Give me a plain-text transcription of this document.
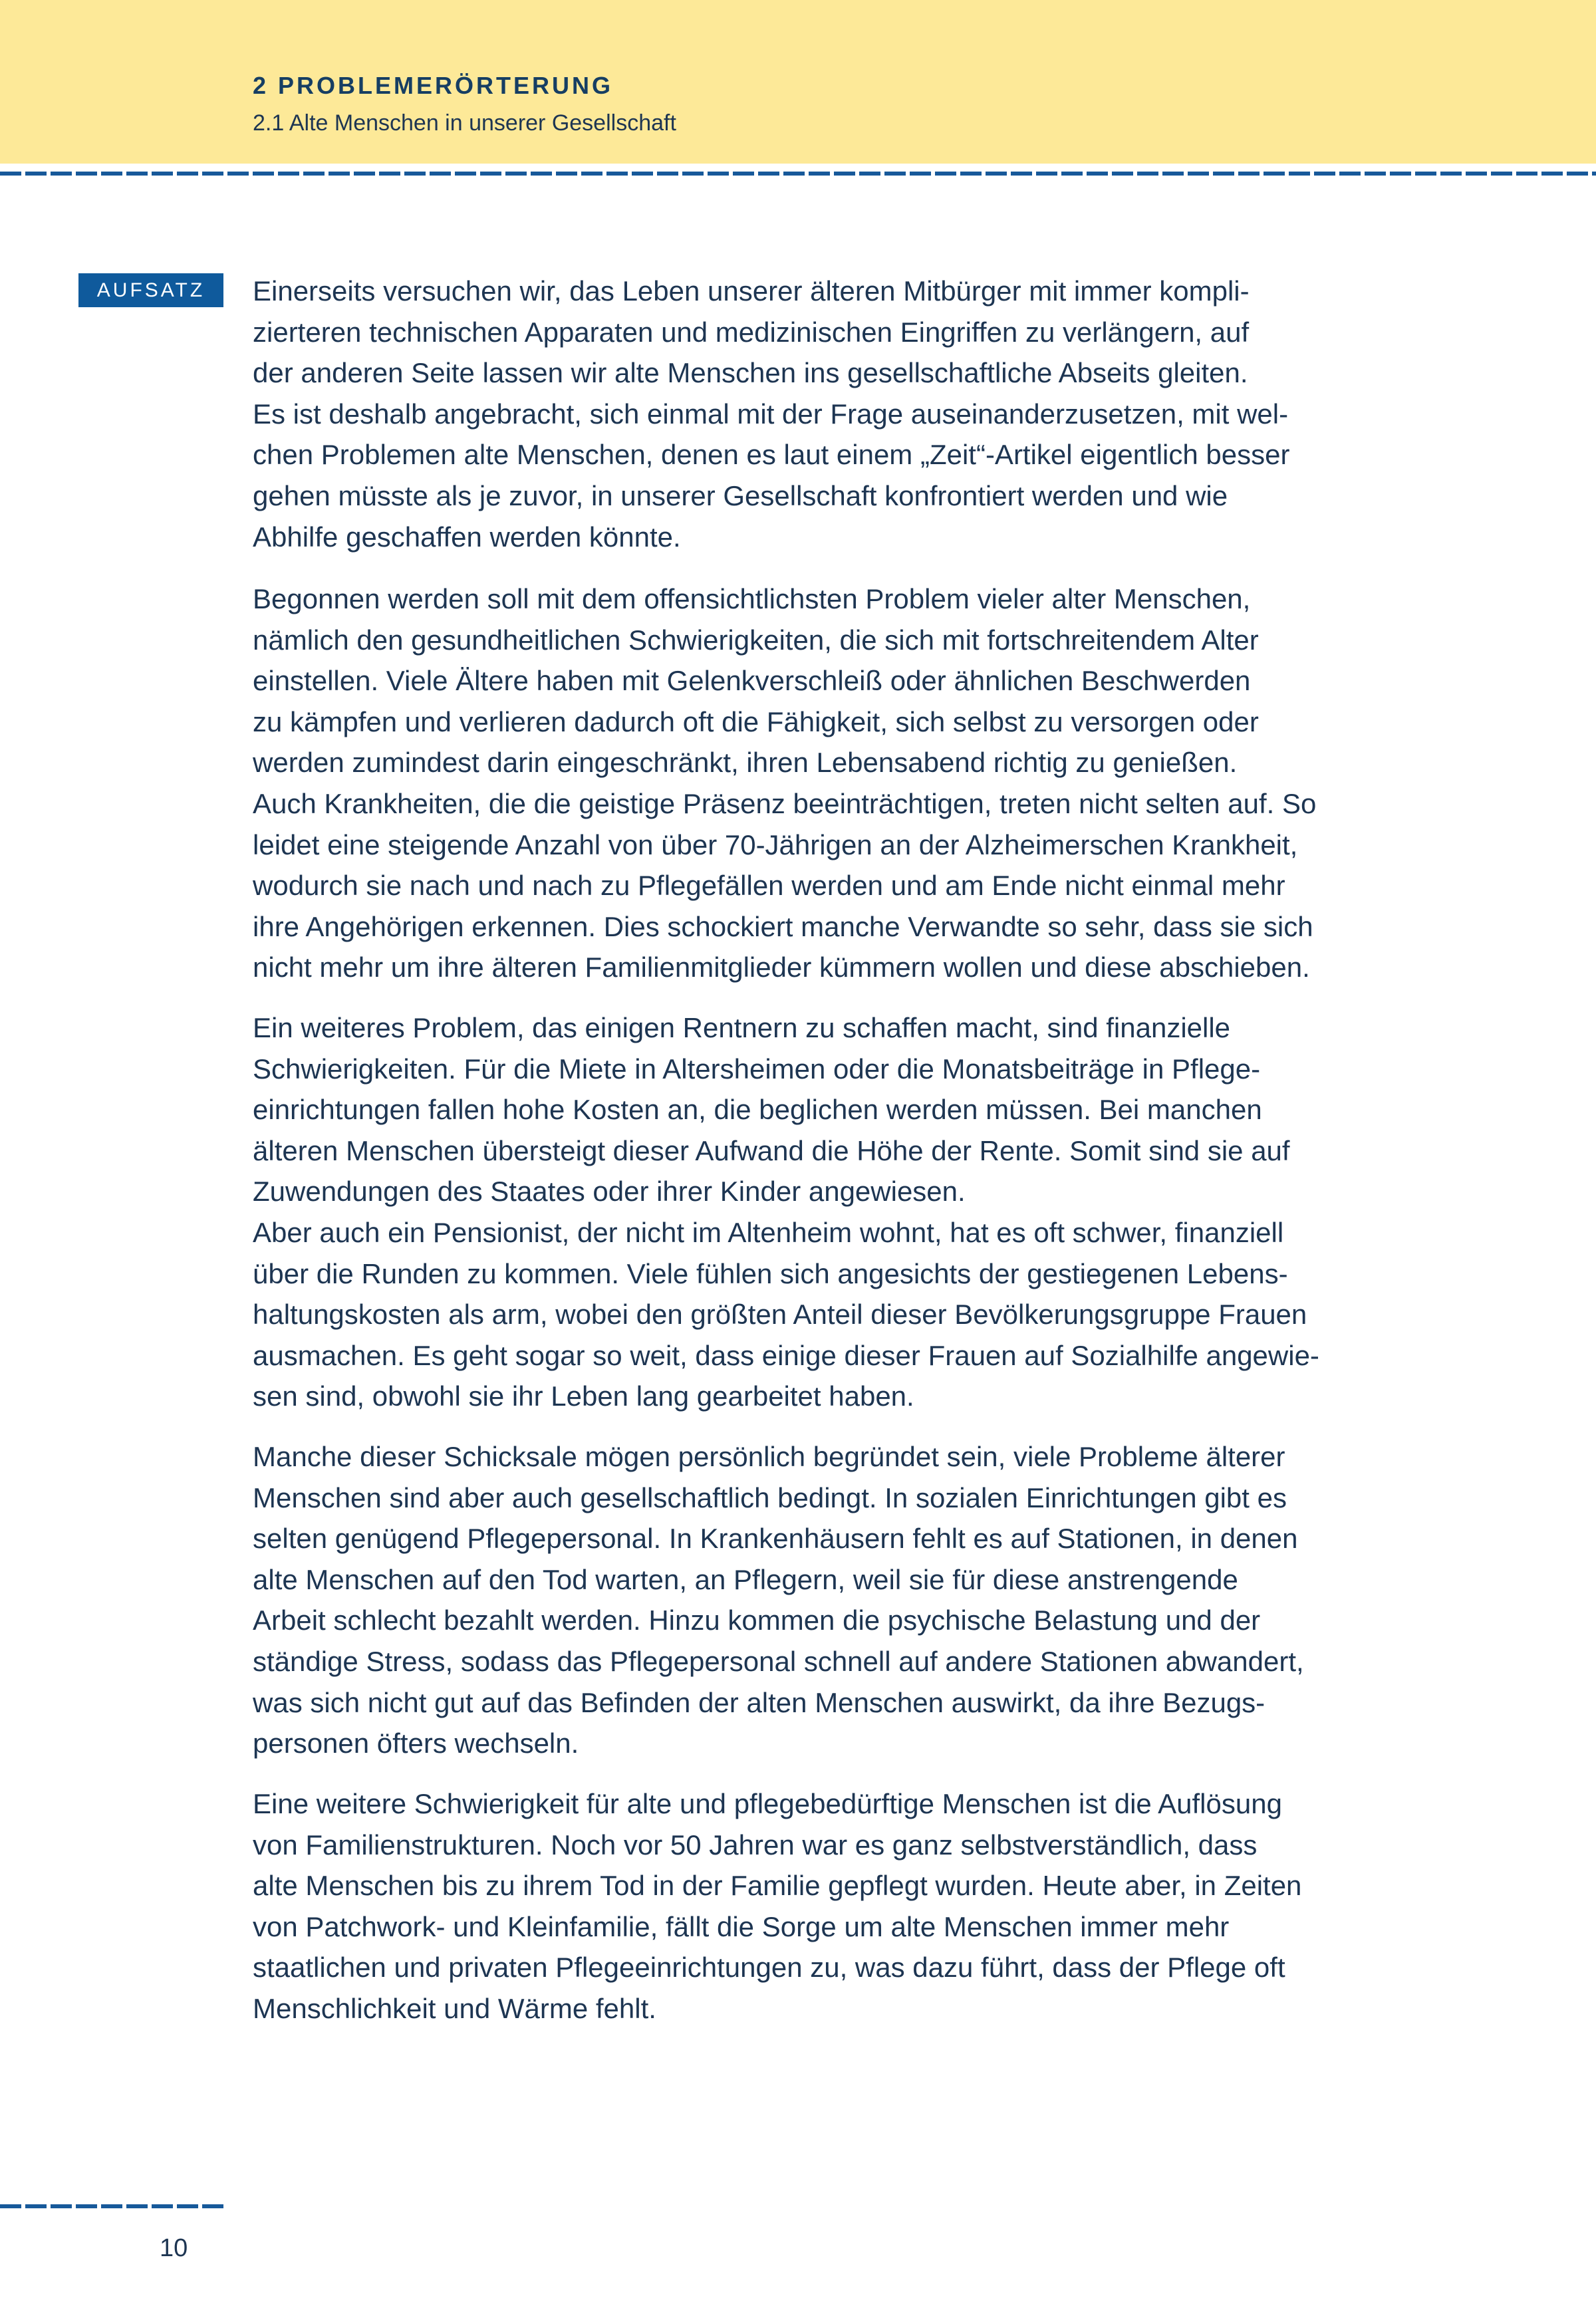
2 PROBLEMERÖRTERUNG
2.1 Alte Menschen in unserer Gesellschaft
AUFSATZ	Einerseits versuchen wir, das Leben unserer älteren Mitbürger mit immer kompli-
zierteren technischen Apparaten und medizinischen Eingriffen zu verlängern, auf
der anderen Seite lassen wir alte Menschen ins gesellschaftliche Abseits gleiten.
Es ist deshalb angebracht, sich einmal mit der Frage auseinanderzusetzen, mit wel-
chen Problemen alte Menschen, denen es laut einem „Zeit“-Artikel eigentlich besser
gehen müsste als je zuvor, in unserer Gesellschaft konfrontiert werden und wie
Abhilfe geschaffen werden könnte.
Begonnen werden soll mit dem offensichtlichsten Problem vieler alter Menschen,
nämlich den gesundheitlichen Schwierigkeiten, die sich mit fortschreitendem Alter
einstellen. Viele Ältere haben mit Gelenkverschleiß oder ähnlichen Beschwerden
zu kämpfen und verlieren dadurch oft die Fähigkeit, sich selbst zu versorgen oder
werden zumindest darin eingeschränkt, ihren Lebensabend richtig zu genießen.
Auch Krankheiten, die die geistige Präsenz beeinträchtigen, treten nicht selten auf. So
leidet eine steigende Anzahl von über 70-Jährigen an der Alzheimerschen Krankheit,
wodurch sie nach und nach zu Pflegefällen werden und am Ende nicht einmal mehr
ihre Angehörigen erkennen. Dies schockiert manche Verwandte so sehr, dass sie sich
nicht mehr um ihre älteren Familienmitglieder kümmern wollen und diese abschieben.
Ein weiteres Problem, das einigen Rentnern zu schaffen macht, sind finanzielle
Schwierigkeiten. Für die Miete in Altersheimen oder die Monatsbeiträge in Pflege-
einrichtungen fallen hohe Kosten an, die beglichen werden müssen. Bei manchen
älteren Menschen übersteigt dieser Aufwand die Höhe der Rente. Somit sind sie auf
Zuwendungen des Staates oder ihrer Kinder angewiesen.
Aber auch ein Pensionist, der nicht im Altenheim wohnt, hat es oft schwer, finanziell
über die Runden zu kommen. Viele fühlen sich angesichts der gestiegenen Lebens-
haltungskosten als arm, wobei den größten Anteil dieser Bevölkerungsgruppe Frauen
ausmachen. Es geht sogar so weit, dass einige dieser Frauen auf Sozialhilfe angewie-
sen sind, obwohl sie ihr Leben lang gearbeitet haben.
Manche dieser Schicksale mögen persönlich begründet sein, viele Probleme älterer
Menschen sind aber auch gesellschaftlich bedingt. In sozialen Einrichtungen gibt es
selten genügend Pflegepersonal. In Krankenhäusern fehlt es auf Stationen, in denen
alte Menschen auf den Tod warten, an Pflegern, weil sie für diese anstrengende
Arbeit schlecht bezahlt werden. Hinzu kommen die psychische Belastung und der
ständige Stress, sodass das Pflegepersonal schnell auf andere Stationen abwandert,
was sich nicht gut auf das Befinden der alten Menschen auswirkt, da ihre Bezugs-
personen öfters wechseln.
Eine weitere Schwierigkeit für alte und pflegebedürftige Menschen ist die Auflösung
von Familienstrukturen. Noch vor 50 Jahren war es ganz selbstverständlich, dass
alte Menschen bis zu ihrem Tod in der Familie gepflegt wurden. Heute aber, in Zeiten
von Patchwork- und Kleinfamilie, fällt die Sorge um alte Menschen immer mehr
staatlichen und privaten Pflegeeinrichtungen zu, was dazu führt, dass der Pflege oft
Menschlichkeit und Wärme fehlt.
10
